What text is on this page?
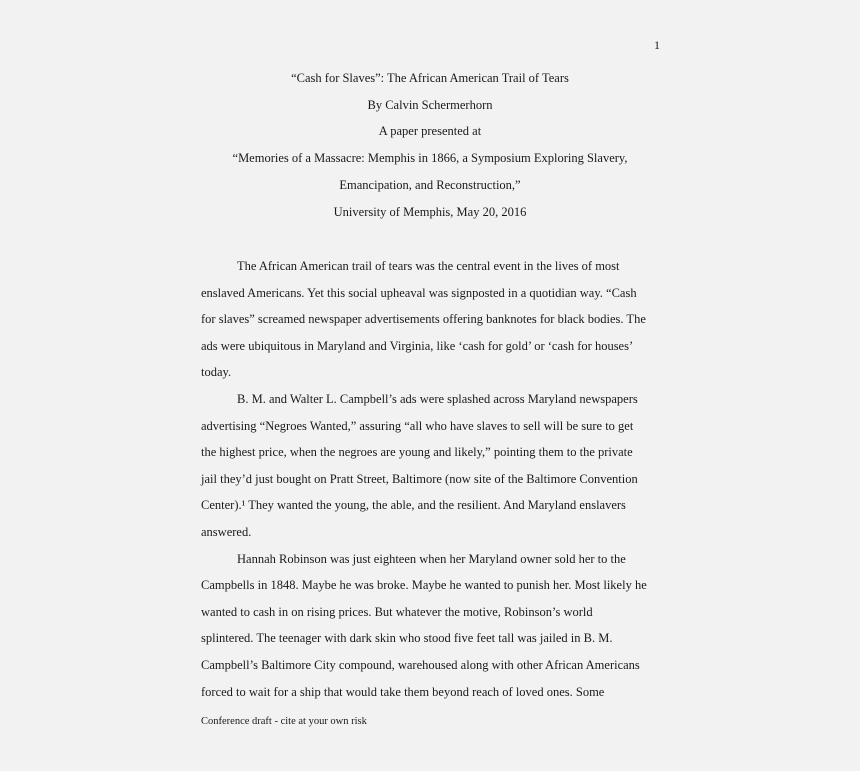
1
“Cash for Slaves”: The African American Trail of Tears
By Calvin Schermerhorn
A paper presented at
“Memories of a Massacre: Memphis in 1866, a Symposium Exploring Slavery,
Emancipation, and Reconstruction,”
University of Memphis, May 20, 2016
The African American trail of tears was the central event in the lives of most
enslaved Americans. Yet this social upheaval was signposted in a quotidian way. “Cash
for slaves” screamed newspaper advertisements offering banknotes for black bodies. The
ads were ubiquitous in Maryland and Virginia, like ‘cash for gold’ or ‘cash for houses’
today.
B. M. and Walter L. Campbell’s ads were splashed across Maryland newspapers
advertising “Negroes Wanted,” assuring “all who have slaves to sell will be sure to get
the highest price, when the negroes are young and likely,” pointing them to the private
jail they’d just bought on Pratt Street, Baltimore (now site of the Baltimore Convention
Center).¹ They wanted the young, the able, and the resilient. And Maryland enslavers
answered.
Hannah Robinson was just eighteen when her Maryland owner sold her to the
Campbells in 1848. Maybe he was broke. Maybe he wanted to punish her. Most likely he
wanted to cash in on rising prices. But whatever the motive, Robinson’s world
splintered. The teenager with dark skin who stood five feet tall was jailed in B. M.
Campbell’s Baltimore City compound, warehoused along with other African Americans
forced to wait for a ship that would take them beyond reach of loved ones. Some
Conference draft - cite at your own risk
